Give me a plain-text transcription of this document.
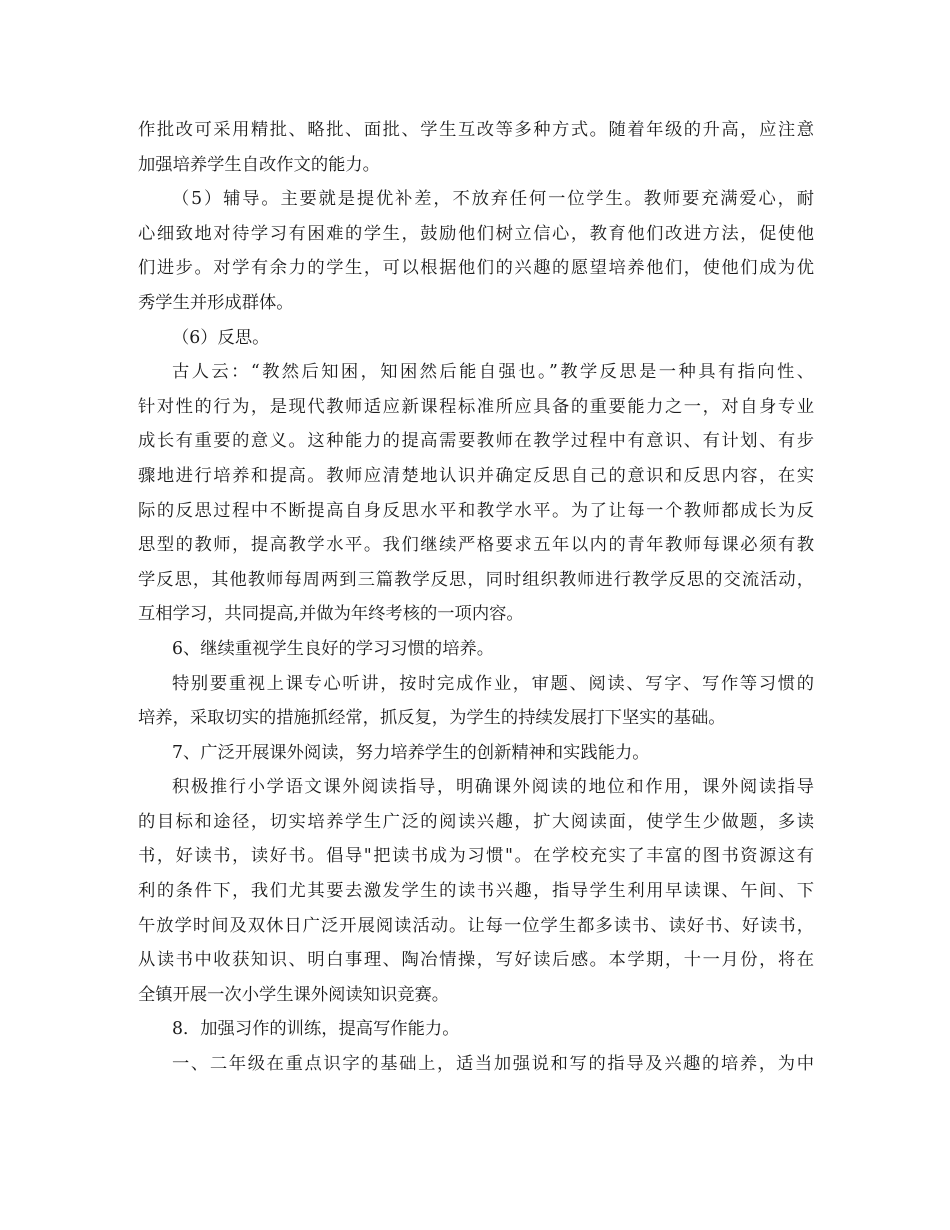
作批改可采用精批、略批、面批、学生互改等多种方式。随着年级的升高，应注意
加强培养学生自改作文的能力。
（5）辅导。主要就是提优补差，不放弃任何一位学生。教师要充满爱心，耐
心细致地对待学习有困难的学生，鼓励他们树立信心，教育他们改进方法，促使他
们进步。对学有余力的学生，可以根据他们的兴趣的愿望培养他们，使他们成为优
秀学生并形成群体。
（6）反思。
古人云：“教然后知困，知困然后能自强也。”教学反思是一种具有指向性、
针对性的行为，是现代教师适应新课程标准所应具备的重要能力之一，对自身专业
成长有重要的意义。这种能力的提高需要教师在教学过程中有意识、有计划、有步
骤地进行培养和提高。教师应清楚地认识并确定反思自己的意识和反思内容，在实
际的反思过程中不断提高自身反思水平和教学水平。为了让每一个教师都成长为反
思型的教师，提高教学水平。我们继续严格要求五年以内的青年教师每课必须有教
学反思，其他教师每周两到三篇教学反思，同时组织教师进行教学反思的交流活动，
互相学习，共同提高,并做为年终考核的一项内容。
6、继续重视学生良好的学习习惯的培养。
特别要重视上课专心听讲，按时完成作业，审题、阅读、写字、写作等习惯的
培养，采取切实的措施抓经常，抓反复，为学生的持续发展打下坚实的基础。
7、广泛开展课外阅读，努力培养学生的创新精神和实践能力。
积极推行小学语文课外阅读指导，明确课外阅读的地位和作用，课外阅读指导
的目标和途径，切实培养学生广泛的阅读兴趣，扩大阅读面，使学生少做题，多读
书，好读书，读好书。倡导"把读书成为习惯"。在学校充实了丰富的图书资源这有
利的条件下，我们尤其要去激发学生的读书兴趣，指导学生利用早读课、午间、下
午放学时间及双休日广泛开展阅读活动。让每一位学生都多读书、读好书、好读书，
从读书中收获知识、明白事理、陶冶情操，写好读后感。本学期，十一月份，将在
全镇开展一次小学生课外阅读知识竞赛。
8．加强习作的训练，提高写作能力。
一、二年级在重点识字的基础上，适当加强说和写的指导及兴趣的培养，为中
